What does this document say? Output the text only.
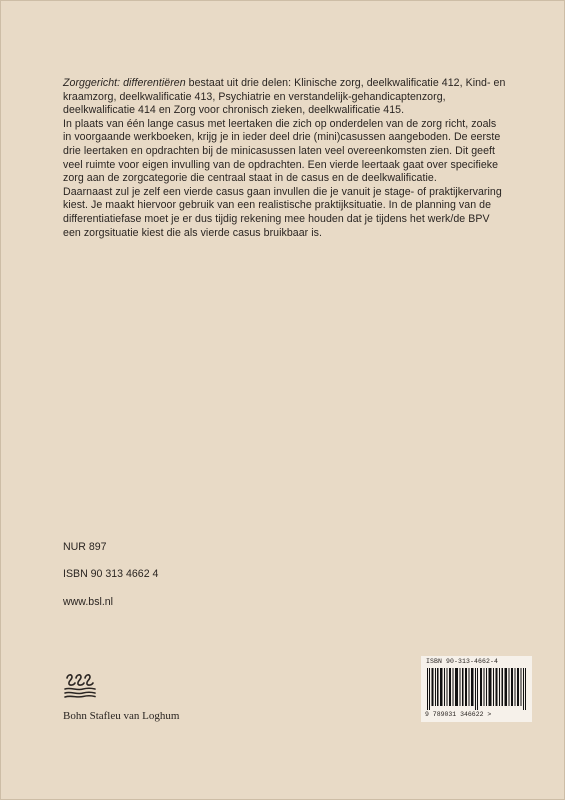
Zorggericht: differentiëren bestaat uit drie delen: Klinische zorg, deelkwalificatie 412, Kind- en kraamzorg, deelkwalificatie 413, Psychiatrie en verstandelijk-gehandicaptenzorg, deelkwalificatie 414 en Zorg voor chronisch zieken, deelkwalificatie 415.

In plaats van één lange casus met leertaken die zich op onderdelen van de zorg richt, zoals in voorgaande werkboeken, krijg je in ieder deel drie (mini)casussen aangeboden. De eerste drie leertaken en opdrachten bij de minicasussen laten veel overeenkomsten zien. Dit geeft veel ruimte voor eigen invulling van de opdrachten. Een vierde leertaak gaat over specifieke zorg aan de zorgcategorie die centraal staat in de casus en de deelkwalificatie.

Daarnaast zul je zelf een vierde casus gaan invullen die je vanuit je stage- of praktijkervaring kiest. Je maakt hiervoor gebruik van een realistische praktijksituatie. In de planning van de differentiatiefase moet je er dus tijdig rekening mee houden dat je tijdens het werk/de BPV een zorgsituatie kiest die als vierde casus bruikbaar is.

NUR 897
ISBN 90 313 4662 4
www.bsl.nl
Bohn Stafleu van Loghum
ISBN 90-313-4662-4
9 789031 346622 >
